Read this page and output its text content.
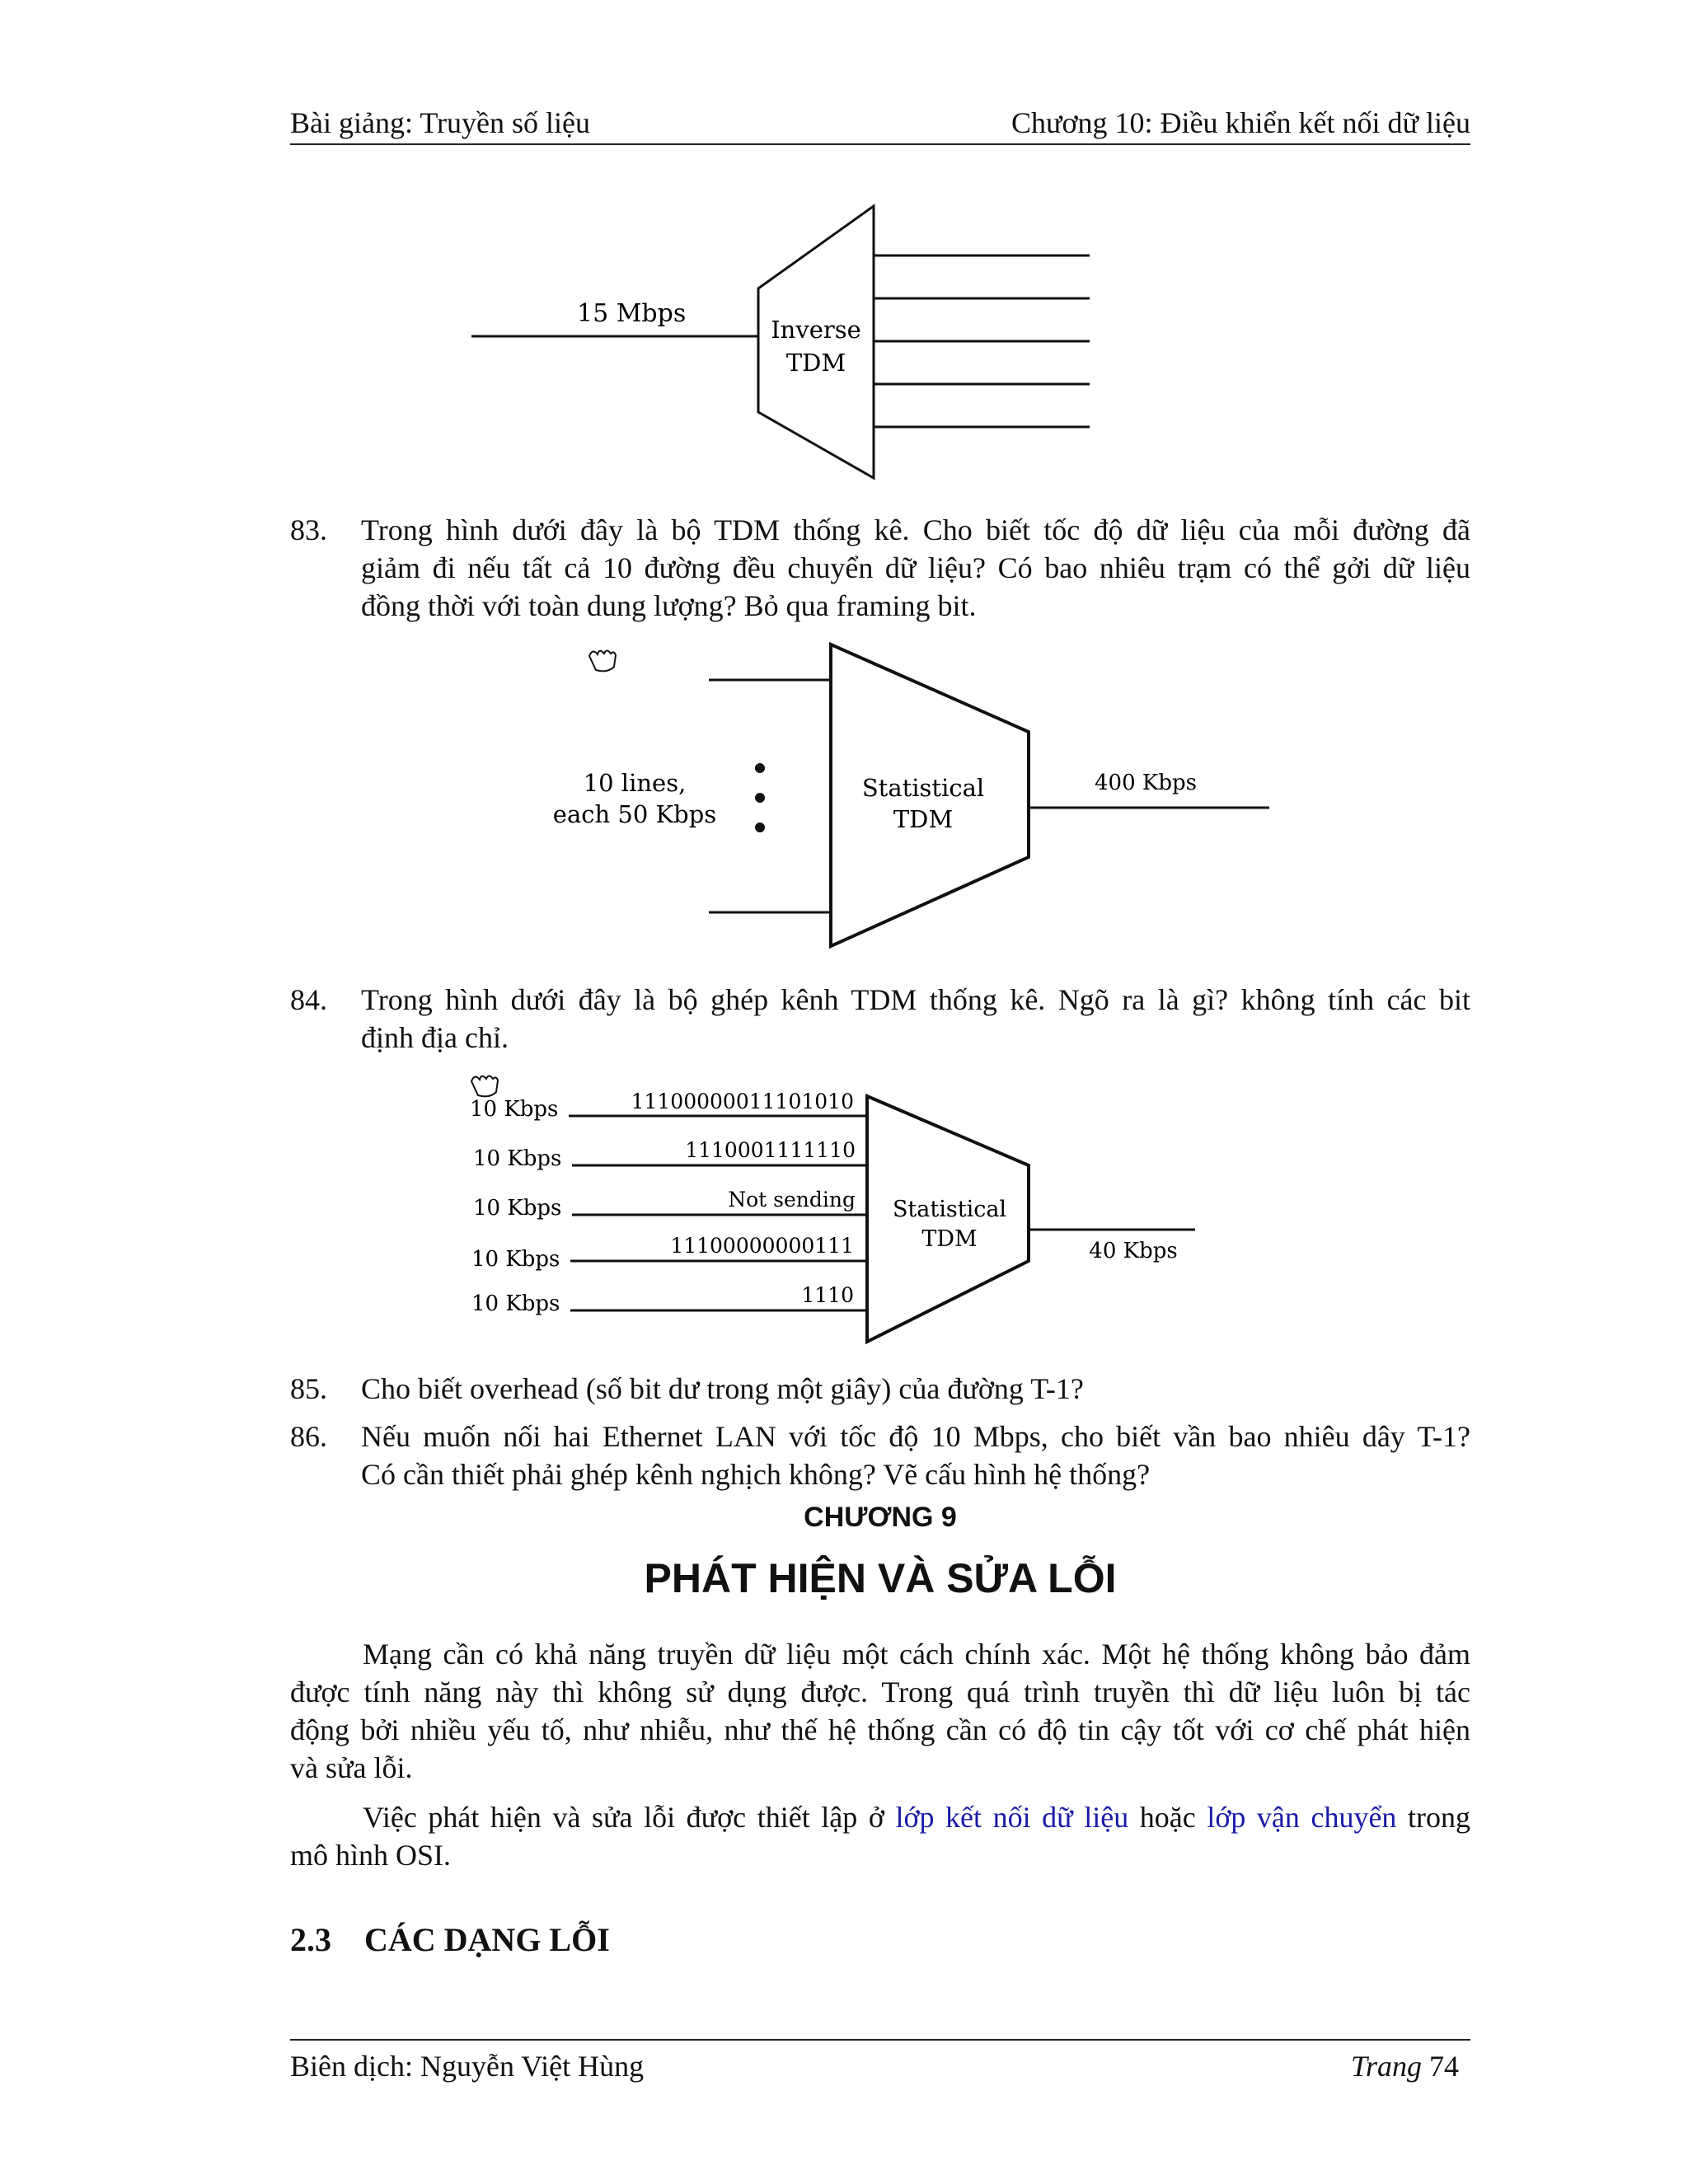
Bài giảng: Truyền số liệu	Chương 10: Điều khiển kết nối dữ liệu
15 Mbps
Inverse
TDM
83. Trong hình dưới đây là bộ TDM thống kê. Cho biết tốc độ dữ liệu của mỗi đường đã
giảm đi nếu tất cả 10 đường đều chuyển dữ liệu? Có bao nhiêu trạm có thể gởi dữ liệu
đồng thời với toàn dung lượng? Bỏ qua framing bit.
10 lines,
each 50 Kbps
Statistical
TDM
400 Kbps
84. Trong hình dưới đây là bộ ghép kênh TDM thống kê. Ngõ ra là gì? không tính các bit
định địa chỉ.
10 Kbps	11100000011101010
10 Kbps	1110001111110
10 Kbps	Not sending
10 Kbps
11100000000111
10 Kbps	1110
Statistical
TDM	40 Kbps
85. Cho biết overhead (số bit dư trong một giây) của đường T-1?
86. Nếu muốn nối hai Ethernet LAN với tốc độ 10 Mbps, cho biết vần bao nhiêu dây T-1?
Có cần thiết phải ghép kênh nghịch không? Vẽ cấu hình hệ thống?
CHƯƠNG 9
PHÁT HIỆN VÀ SỬA LỖI
Mạng cần có khả năng truyền dữ liệu một cách chính xác. Một hệ thống không bảo đảm
được tính năng này thì không sử dụng được. Trong quá trình truyền thì dữ liệu luôn bị tác
động bởi nhiều yếu tố, như nhiễu, như thế hệ thống cần có độ tin cậy tốt với cơ chế phát hiện
và sửa lỗi.
Việc phát hiện và sửa lỗi được thiết lập ở lớp kết nối dữ liệu hoặc lớp vận chuyển trong
mô hình OSI.
2.3 CÁC DẠNG LỖI
Biên dịch: Nguyễn Việt Hùng	Trang 74
